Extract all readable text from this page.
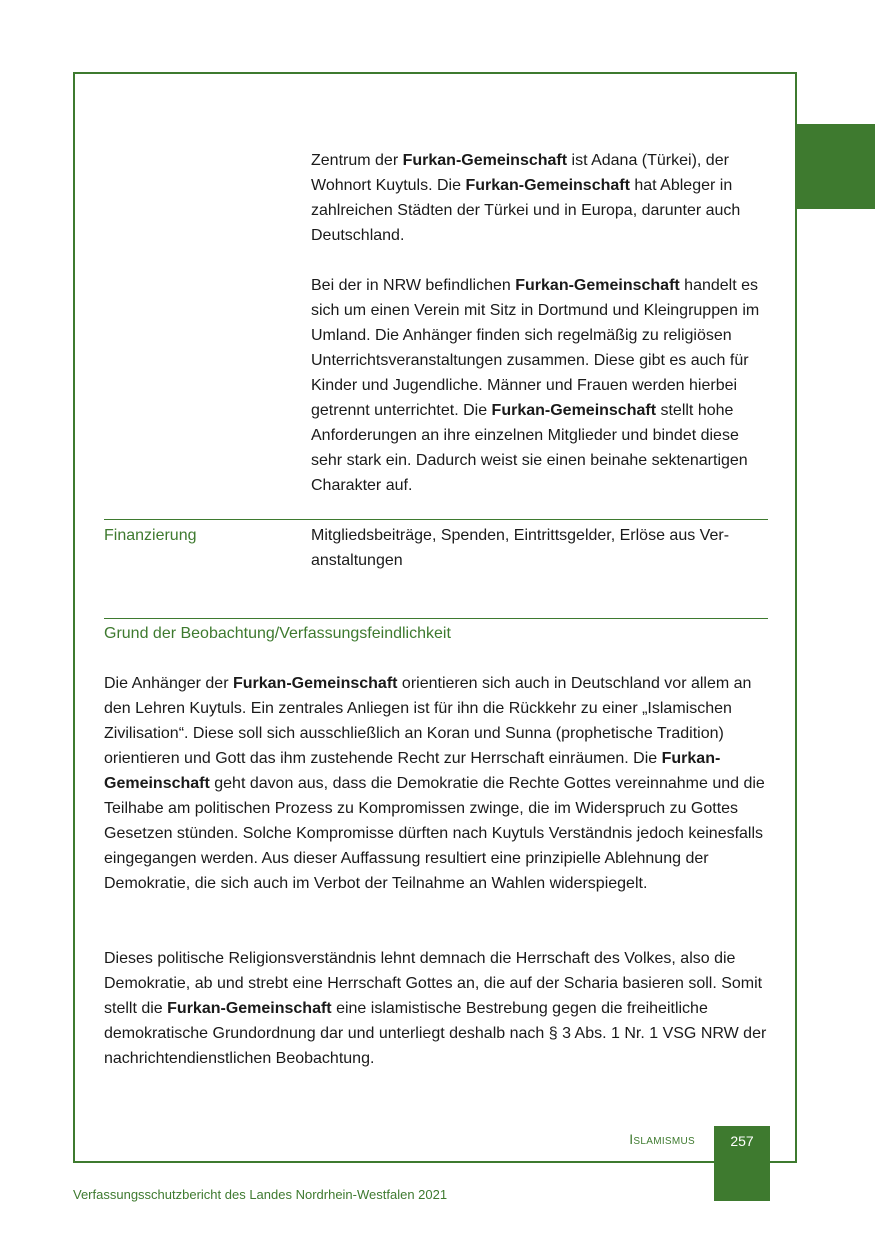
Zentrum der Furkan-Gemeinschaft ist Adana (Türkei), der Wohnort Kuytuls. Die Furkan-Gemeinschaft hat Ableger in zahlreichen Städten der Türkei und in Europa, darunter auch Deutschland.

Bei der in NRW befindlichen Furkan-Gemeinschaft handelt es sich um einen Verein mit Sitz in Dortmund und Kleingruppen im Umland. Die Anhänger finden sich regelmäßig zu religiösen Unterrichtsveranstaltungen zusammen. Diese gibt es auch für Kinder und Jugendliche. Männer und Frauen werden hierbei getrennt unterrichtet. Die Furkan-Gemeinschaft stellt hohe Anforderungen an ihre einzelnen Mitglieder und bindet diese sehr stark ein. Dadurch weist sie einen beinahe sektenartigen Charakter auf.

Finanzierung	Mitgliedsbeiträge, Spenden, Eintrittsgelder, Erlöse aus Veranstaltungen

Grund der Beobachtung/Verfassungsfeindlichkeit

Die Anhänger der Furkan-Gemeinschaft orientieren sich auch in Deutschland vor allem an den Lehren Kuytuls. Ein zentrales Anliegen ist für ihn die Rückkehr zu einer „Islamischen Zivilisation“. Diese soll sich ausschließlich an Koran und Sunna (prophetische Tradition) orientieren und Gott das ihm zustehende Recht zur Herrschaft einräumen. Die Furkan-Gemeinschaft geht davon aus, dass die Demokratie die Rechte Gottes vereinnahme und die Teilhabe am politischen Prozess zu Kompromissen zwinge, die im Widerspruch zu Gottes Gesetzen stünden. Solche Kompromisse dürften nach Kuytuls Verständnis jedoch keinesfalls eingegangen werden. Aus dieser Auffassung resultiert eine prinzipielle Ablehnung der Demokratie, die sich auch im Verbot der Teilnahme an Wahlen widerspiegelt.

Dieses politische Religionsverständnis lehnt demnach die Herrschaft des Volkes, also die Demokratie, ab und strebt eine Herrschaft Gottes an, die auf der Scharia basieren soll. Somit stellt die Furkan-Gemeinschaft eine islamistische Bestrebung gegen die freiheitliche demokratische Grundordnung dar und unterliegt deshalb nach § 3 Abs. 1 Nr. 1 VSG NRW der nachrichtendienstlichen Beobachtung.

Islamismus	257
Verfassungsschutzbericht des Landes Nordrhein-Westfalen 2021
